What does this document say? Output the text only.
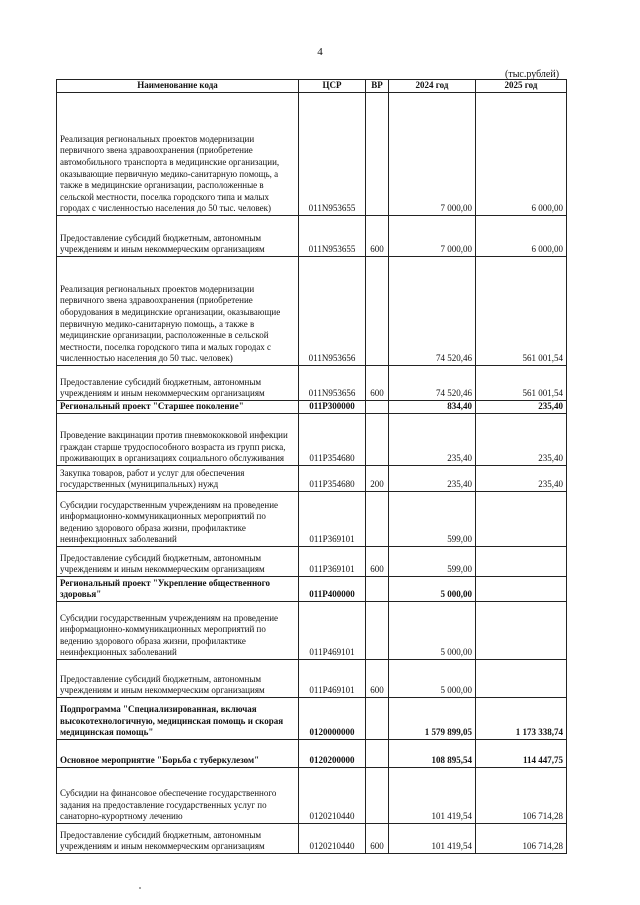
4
(тыс.рублей)
Наименование кода	ЦСР	ВР	2024 год	2025 год
Реализация региональных проектов модернизации первичного звена здравоохранения (приобретение автомобильного транспорта в медицинские организации, оказывающие первичную медико-санитарную помощь, а также в медицинские организации, расположенные в сельской местности, поселка городского типа и малых городах с численностью населения до 50 тыс. человек)	011N953655		7 000,00	6 000,00
Предоставление субсидий бюджетным, автономным учреждениям и иным некоммерческим организациям	011N953655	600	7 000,00	6 000,00
Реализация региональных проектов модернизации первичного звена здравоохранения (приобретение оборудования в медицинские организации, оказывающие первичную медико-санитарную помощь, а также в медицинские организации, расположенные в сельской местности, поселка городского типа и малых городах с численностью населения до 50 тыс. человек)	011N953656		74 520,46	561 001,54
Предоставление субсидий бюджетным, автономным учреждениям и иным некоммерческим организациям	011N953656	600	74 520,46	561 001,54
Региональный проект "Старшее поколение"	011P300000		834,40	235,40
Проведение вакцинации против пневмококковой инфекции граждан старше трудоспособного возраста из групп риска, проживающих в организациях социального обслуживания	011P354680		235,40	235,40
Закупка товаров, работ и услуг для обеспечения государственных (муниципальных) нужд	011P354680	200	235,40	235,40
Субсидии государственным учреждениям на проведение информационно-коммуникационных мероприятий по ведению здорового образа жизни, профилактике неинфекционных заболеваний	011P369101		599,00	
Предоставление субсидий бюджетным, автономным учреждениям и иным некоммерческим организациям	011P369101	600	599,00	
Региональный проект "Укрепление общественного здоровья"	011P400000		5 000,00	
Субсидии государственным учреждениям на проведение информационно-коммуникационных мероприятий по ведению здорового образа жизни, профилактике неинфекционных заболеваний	011P469101		5 000,00	
Предоставление субсидий бюджетным, автономным учреждениям и иным некоммерческим организациям	011P469101	600	5 000,00	
Подпрограмма "Специализированная, включая высокотехнологичную, медицинская помощь и скорая медицинская помощь"	0120000000		1 579 899,05	1 173 338,74
Основное мероприятие "Борьба с туберкулезом"	0120200000		108 895,54	114 447,75
Субсидии на финансовое обеспечение государственного задания на предоставление государственных услуг по санаторно-курортному лечению	0120210440		101 419,54	106 714,28
Предоставление субсидий бюджетным, автономным учреждениям и иным некоммерческим организациям	0120210440	600	101 419,54	106 714,28
